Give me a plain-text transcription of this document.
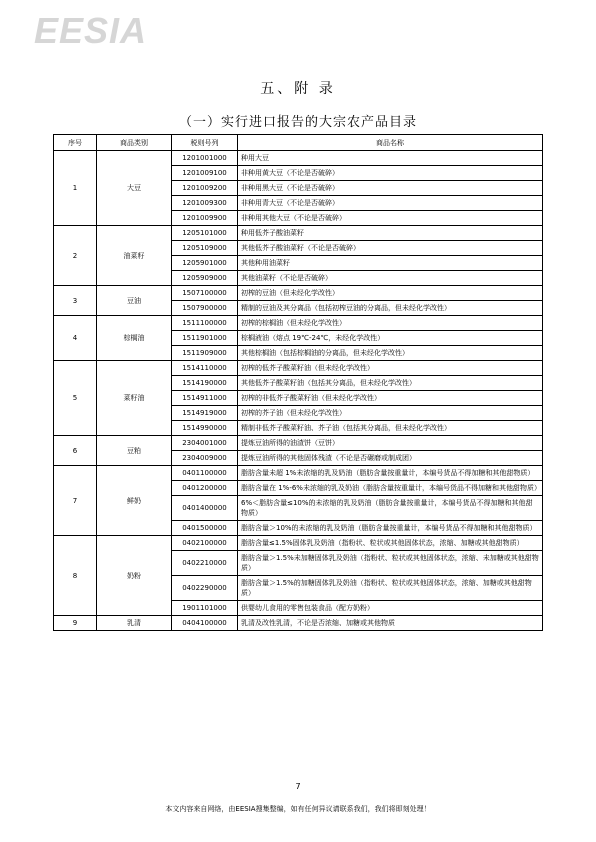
EESIA
五、附 录
（一）实行进口报告的大宗农产品目录
序号	商品类别	税则号列	商品名称
1	大豆	1201001000	种用大豆
		1201009100	非种用黄大豆（不论是否破碎）
		1201009200	非种用黑大豆（不论是否破碎）
		1201009300	非种用青大豆（不论是否破碎）
		1201009900	非种用其他大豆（不论是否破碎）
2	油菜籽	1205101000	种用低芥子酸油菜籽
		1205109000	其他低芥子酸油菜籽（不论是否破碎）
		1205901000	其他种用油菜籽
		1205909000	其他油菜籽（不论是否破碎）
3	豆油	1507100000	初榨的豆油（但未经化学改性）
		1507900000	精制的豆油及其分离品（包括初榨豆油的分离品，但未经化学改性）
4	棕榈油	1511100000	初榨的棕榈油（但未经化学改性）
		1511901000	棕榈液油（熔点 19℃-24℃，未经化学改性）
		1511909000	其他棕榈油（包括棕榈油的分离品，但未经化学改性）
5	菜籽油	1514110000	初榨的低芥子酸菜籽油（但未经化学改性）
		1514190000	其他低芥子酸菜籽油（包括其分离品，但未经化学改性）
		1514911000	初榨的非低芥子酸菜籽油（但未经化学改性）
		1514919000	初榨的芥子油（但未经化学改性）
		1514990000	精制非低芥子酸菜籽油、芥子油（包括其分离品，但未经化学改性）
6	豆粕	2304001000	提炼豆油所得的油渣饼（豆饼）
		2304009000	提炼豆油所得的其他固体残渣（不论是否碾磨或制成团）
7	鲜奶	0401100000	脂肪含量未超 1%未浓缩的乳及奶油（脂肪含量按重量计，本编号货品不得加糖和其他甜物质）
		0401200000	脂肪含量在 1%-6%未浓缩的乳及奶油（脂肪含量按重量计，本编号货品不得加糖和其他甜物质）
		0401400000	6%＜脂肪含量≤10%的未浓缩的乳及奶油（脂肪含量按重量计，本编号货品不得加糖和其他甜物质）
		0401500000	脂肪含量＞10%的未浓缩的乳及奶油（脂肪含量按重量计，本编号货品不得加糖和其他甜物质）
8	奶粉	0402100000	脂肪含量≤1.5%固体乳及奶油（指粉状、粒状或其他固体状态，浓缩、加糖或其他甜物质）
		0402210000	脂肪含量＞1.5%未加糖固体乳及奶油（指粉状、粒状或其他固体状态，浓缩、未加糖或其他甜物质）
		0402290000	脂肪含量＞1.5%的加糖固体乳及奶油（指粉状、粒状或其他固体状态，浓缩、加糖或其他甜物质）
		1901101000	供婴幼儿食用的零售包装食品（配方奶粉）
9	乳清	0404100000	乳清及改性乳清，不论是否浓缩、加糖或其他物质
7
本文内容来自网络，由EESIA搜集整编，如有任何异议请联系我们，我们将即刻处理！
